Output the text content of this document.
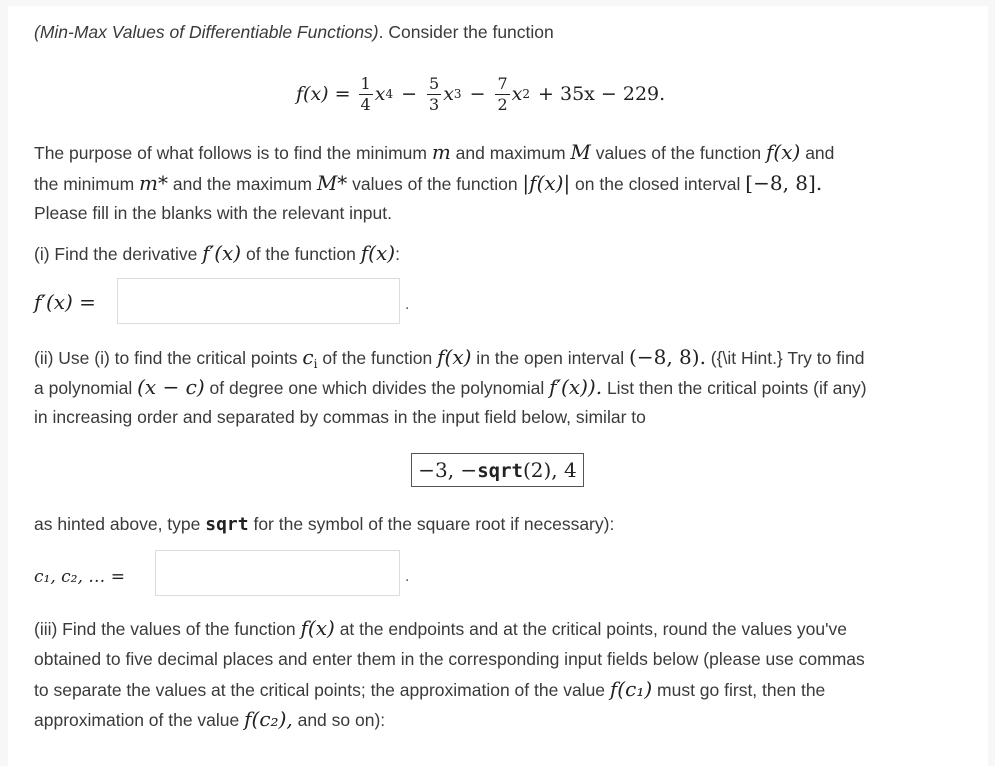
(Min-Max Values of Differentiable Functions). Consider the function
$f(x) = \frac{1}{4}$ x $4 - \frac{5}{3}$ x $3 - \frac{7}{2}$ x 2 + 35x − 229.
The purpose of what follows is to find the minimum m and maximum M values of the function f(x) and
the minimum m* and the maximum M* values of the function |f(x)| on the closed interval [−8, 8].
Please fill in the blanks with the relevant input.
(i) Find the derivative f′(x) of the function f(x):
f′(x) =	.
(ii) Use (i) to find the critical points $c_i$ of the function f(x) in the open interval (−8, 8). ({\it Hint.} Try to find
a polynomial (x − c) of degree one which divides the polynomial f′(x)). List then the critical points (if any)
in increasing order and separated by commas in the input field below, similar to
−3, −sqrt(2), 4
as hinted above, type sqrt for the symbol of the square root if necessary):
c₁, c₂, … =	.
(iii) Find the values of the function f(x) at the endpoints and at the critical points, round the values you've
obtained to five decimal places and enter them in the corresponding input fields below (please use commas
to separate the values at the critical points; the approximation of the value f(c₁) must go first, then the
approximation of the value f(c₂), and so on):
